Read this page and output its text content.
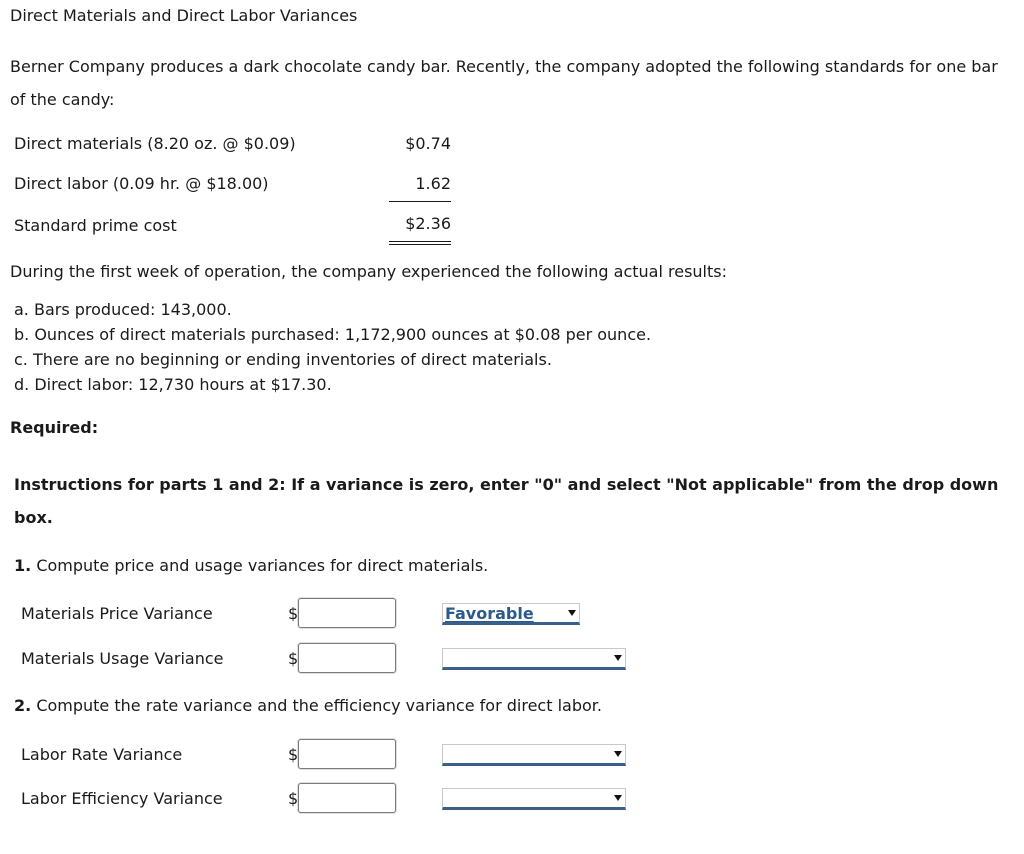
Direct Materials and Direct Labor Variances
Berner Company produces a dark chocolate candy bar. Recently, the company adopted the following standards for one bar of the candy:
Direct materials (8.20 oz. @ $0.09)	$0.74
Direct labor (0.09 hr. @ $18.00)	1.62
Standard prime cost	$2.36
During the first week of operation, the company experienced the following actual results:
a. Bars produced: 143,000.
b. Ounces of direct materials purchased: 1,172,900 ounces at $0.08 per ounce.
c. There are no beginning or ending inventories of direct materials.
d. Direct labor: 12,730 hours at $17.30.
Required:
Instructions for parts 1 and 2: If a variance is zero, enter "0" and select "Not applicable" from the drop down box.
1. Compute price and usage variances for direct materials.
Materials Price Variance	$	Favorable
Materials Usage Variance	$
2. Compute the rate variance and the efficiency variance for direct labor.
Labor Rate Variance	$
Labor Efficiency Variance	$
